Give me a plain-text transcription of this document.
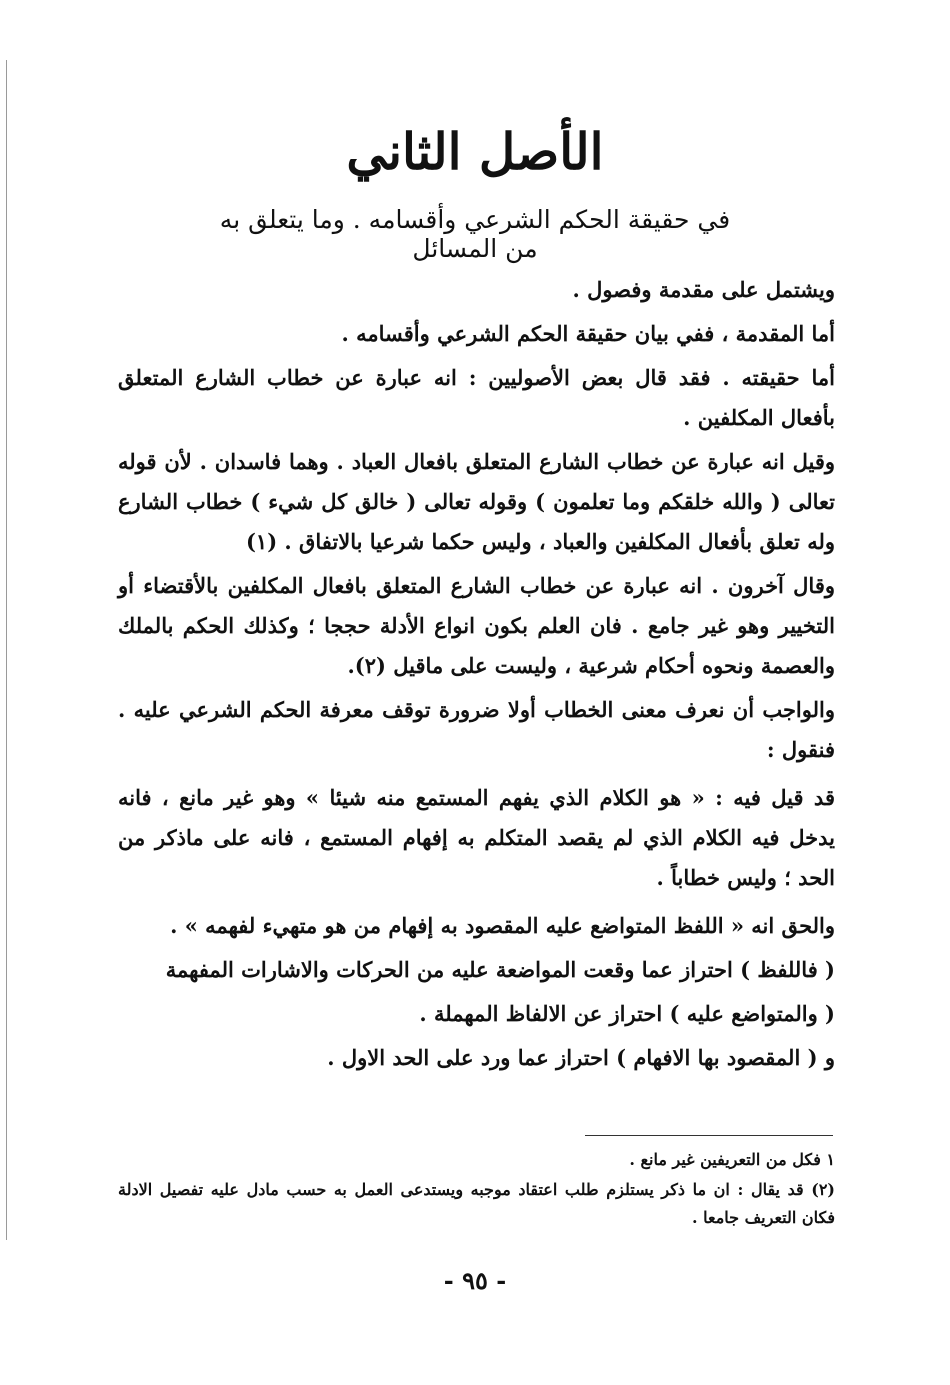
الأصل الثاني
في حقيقة الحكم الشرعي وأقسامه . وما يتعلق به من المسائل

ويشتمل على مقدمة وفصول .

أما المقدمة ، ففي بيان حقيقة الحكم الشرعي وأقسامه .

أما حقيقته . فقد قال بعض الأصوليين : انه عبارة عن خطاب الشارع المتعلق بأفعال المكلفين .

وقيل انه عبارة عن خطاب الشارع المتعلق بافعال العباد . وهما فاسدان . لأن قوله تعالى ( والله خلقكم وما تعلمون ) وقوله تعالى ( خالق كل شيء ) خطاب الشارع وله تعلق بأفعال المكلفين والعباد ، وليس حكما شرعيا بالاتفاق . (١)

وقال آخرون . انه عبارة عن خطاب الشارع المتعلق بافعال المكلفين بالأقتضاء أو التخيير وهو غير جامع . فان العلم بكون انواع الأدلة حججا ؛ وكذلك الحكم بالملك والعصمة ونحوه أحكام شرعية ، وليست على ماقيل (٢).

والواجب أن نعرف معنى الخطاب أولا ضرورة توقف معرفة الحكم الشرعي عليه . فنقول :

قد قيل فيه : « هو الكلام الذي يفهم المستمع منه شيئا » وهو غير مانع ، فانه يدخل فيه الكلام الذي لم يقصد المتكلم به إفهام المستمع ، فانه على ماذكر من الحد ؛ وليس خطاباً .

والحق انه « اللفظ المتواضع عليه المقصود به إفهام من هو متهيء لفهمه » .

( فاللفظ ) احتراز عما وقعت المواضعة عليه من الحركات والاشارات المفهمة

( والمتواضع عليه ) احتراز عن الالفاظ المهملة .

و ( المقصود بها الافهام ) احتراز عما ورد على الحد الاول .

١ فكل من التعريفين غير مانع .

(٢) قد يقال : ان ما ذكر يستلزم طلب اعتقاد موجبه ويستدعى العمل به حسب مادل عليه تفصيل الادلة فكان التعريف جامعا .

- ٩٥ -
